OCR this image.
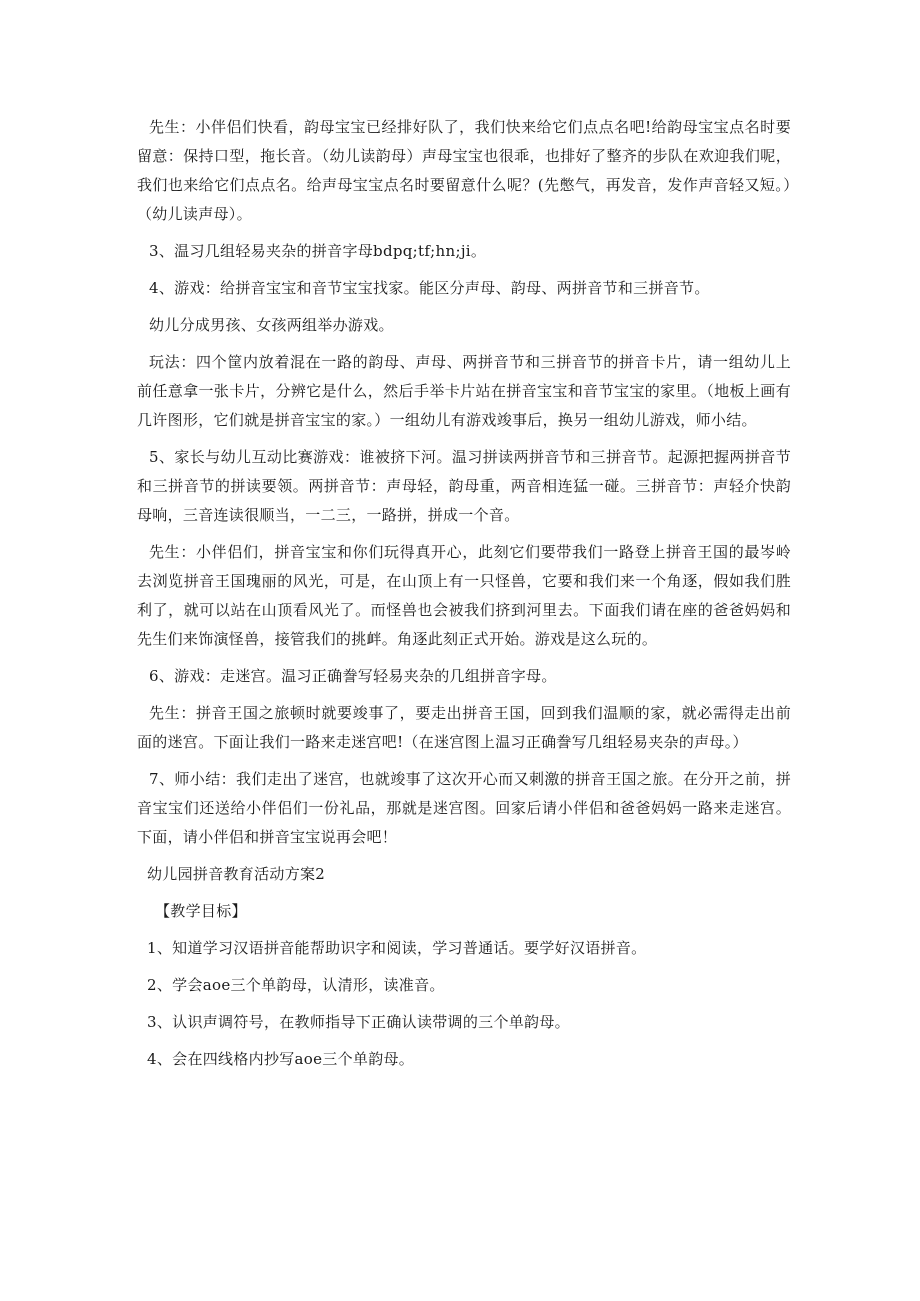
先生：小伴侣们快看，韵母宝宝已经排好队了，我们快来给它们点点名吧!给韵母宝宝点名时要留意：保持口型，拖长音。（幼儿读韵母）声母宝宝也很乖，也排好了整齐的步队在欢迎我们呢，我们也来给它们点点名。给声母宝宝点名时要留意什么呢？(先憋气，再发音，发作声音轻又短。）（幼儿读声母）。

3、温习几组轻易夹杂的拼音字母bdpq;tf;hn;ji。

4、游戏：给拼音宝宝和音节宝宝找家。能区分声母、韵母、两拼音节和三拼音节。

幼儿分成男孩、女孩两组举办游戏。

玩法：四个筐内放着混在一路的韵母、声母、两拼音节和三拼音节的拼音卡片，请一组幼儿上前任意拿一张卡片，分辨它是什么，然后手举卡片站在拼音宝宝和音节宝宝的家里。（地板上画有几许图形，它们就是拼音宝宝的家。）一组幼儿有游戏竣事后，换另一组幼儿游戏，师小结。

5、家长与幼儿互动比赛游戏：谁被挤下河。温习拼读两拼音节和三拼音节。起源把握两拼音节和三拼音节的拼读要领。两拼音节：声母轻，韵母重，两音相连猛一碰。三拼音节：声轻介快韵母响，三音连读很顺当，一二三，一路拼，拼成一个音。

先生：小伴侣们，拼音宝宝和你们玩得真开心，此刻它们要带我们一路登上拼音王国的最岑岭去浏览拼音王国瑰丽的风光，可是，在山顶上有一只怪兽，它要和我们来一个角逐，假如我们胜利了，就可以站在山顶看风光了。而怪兽也会被我们挤到河里去。下面我们请在座的爸爸妈妈和先生们来饰演怪兽，接管我们的挑衅。角逐此刻正式开始。游戏是这么玩的。

6、游戏：走迷宫。温习正确誊写轻易夹杂的几组拼音字母。

先生：拼音王国之旅顿时就要竣事了，要走出拼音王国，回到我们温顺的家，就必需得走出前面的迷宫。下面让我们一路来走迷宫吧!（在迷宫图上温习正确誊写几组轻易夹杂的声母。）

7、师小结：我们走出了迷宫，也就竣事了这次开心而又刺激的拼音王国之旅。在分开之前，拼音宝宝们还送给小伴侣们一份礼品，那就是迷宫图。回家后请小伴侣和爸爸妈妈一路来走迷宫。下面，请小伴侣和拼音宝宝说再会吧！

幼儿园拼音教育活动方案2

【教学目标】

1、知道学习汉语拼音能帮助识字和阅读，学习普通话。要学好汉语拼音。

2、学会aoe三个单韵母，认清形，读准音。

3、认识声调符号，在教师指导下正确认读带调的三个单韵母。

4、会在四线格内抄写aoe三个单韵母。
